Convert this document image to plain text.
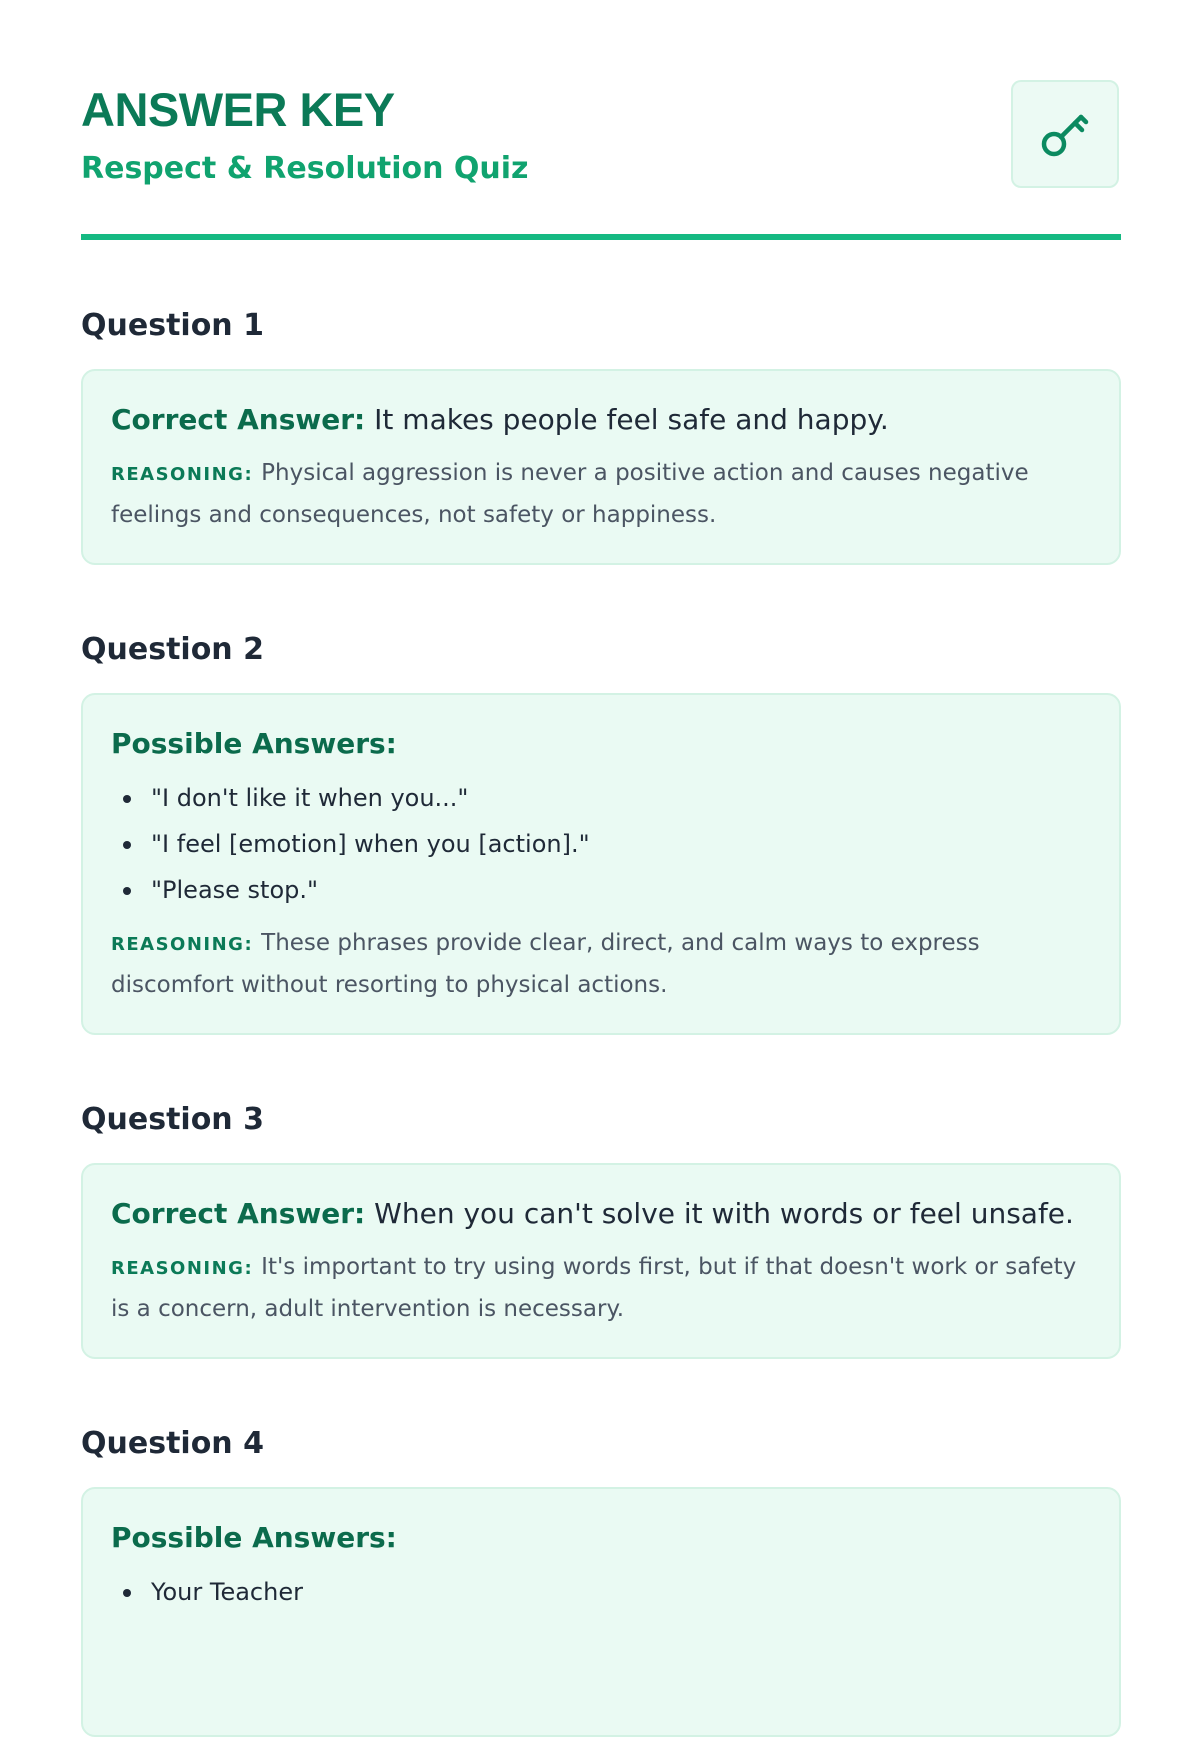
ANSWER KEY
Respect & Resolution Quiz
Question 1
Correct Answer: It makes people feel safe and happy.
REASONING: Physical aggression is never a positive action and causes negative feelings and consequences, not safety or happiness.
Question 2
Possible Answers:
"I don't like it when you..."
"I feel [emotion] when you [action]."
"Please stop."
REASONING: These phrases provide clear, direct, and calm ways to express discomfort without resorting to physical actions.
Question 3
Correct Answer: When you can't solve it with words or feel unsafe.
REASONING: It's important to try using words first, but if that doesn't work or safety is a concern, adult intervention is necessary.
Question 4
Possible Answers:
Your Teacher
